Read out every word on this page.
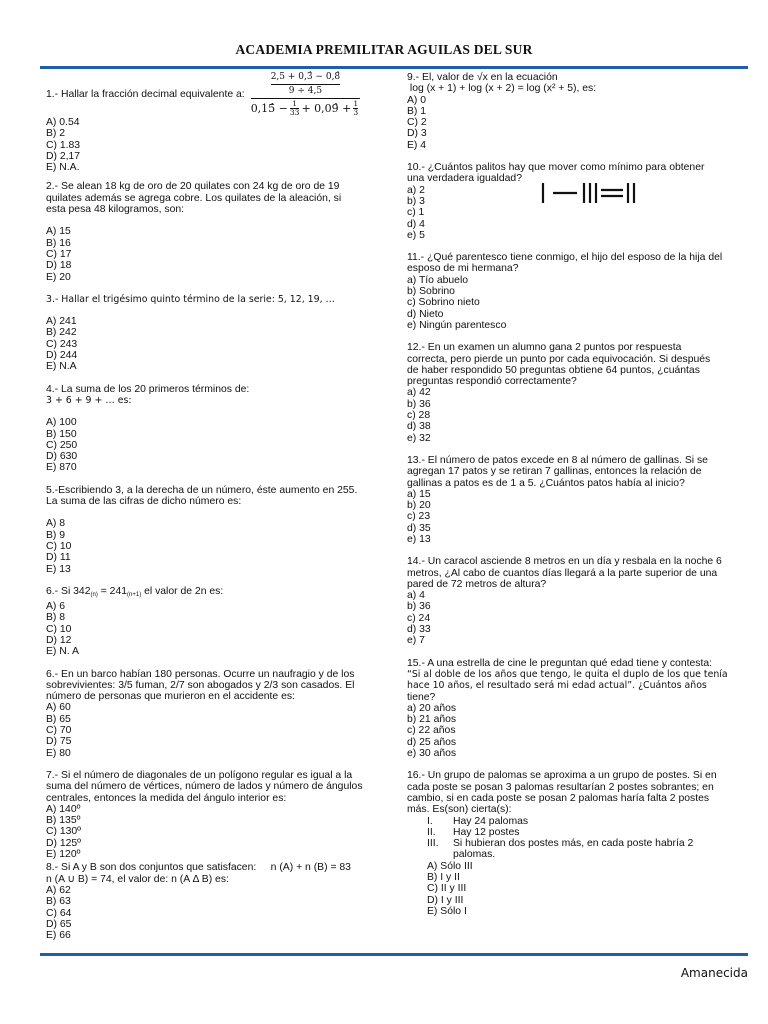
ACADEMIA PREMILITAR AGUILAS DEL SUR
1.- Hallar la fracción decimal equivalente a:
2,5 + 0,3̂ − 0,8̂
9 ÷ 4,5
0,15̂ − 1
33 + 0,09̂ + 1
3
A) 0.54
B) 2
C) 1.83
D) 2,17
E) N.A.
2.- Se alean 18 kg de oro de 20 quilates con 24 kg de oro de 19
quilates además se agrega cobre. Los quilates de la aleación, si
esta pesa 48 kilogramos, son:
A) 15
B) 16
C) 17
D) 18
E) 20
3.- Hallar el trigésimo quinto término de la serie: 5, 12, 19, …
A) 241
B) 242
C) 243
D) 244
E) N.A
4.- La suma de los 20 primeros términos de:
3 + 6 + 9 + … es:
A) 100
B) 150
C) 250
D) 630
E) 870
5.-Escribiendo 3, a la derecha de un número, éste aumento en 255.
La suma de las cifras de dicho número es:
A) 8
B) 9
C) 10
D) 11
E) 13
6.- Si $342_{(n)} = 241_{(n+1)}$ el valor de 2n es:
A) 6
B) 8
C) 10
D) 12
E) N. A
6.- En un barco habían 180 personas. Ocurre un naufragio y de los
sobrevivientes: 3/5 fuman, 2/7 son abogados y 2/3 son casados. El
número de personas que murieron en el accidente es:
A) 60
B) 65
C) 70
D) 75
E) 80
7.- Si el número de diagonales de un polígono regular es igual a la
suma del número de vértices, número de lados y número de ángulos
centrales, entonces la medida del ángulo interior es:
A) 140º
B) 135º
C) 130º
D) 125º
E) 120º
8.- Si A y B son dos conjuntos que satisfacen:     n (A) + n (B) = 83
n (A ∪ B) = 74, el valor de: n (A Δ B) es:
A) 62
B) 63
C) 64
D) 65
E) 66
9.- El, valor de √x en la ecuación
log (x + 1) + log (x + 2) = log (x² + 5), es:
A) 0
B) 1
C) 2
D) 3
E) 4
10.- ¿Cuántos palitos hay que mover como mínimo para obtener
una verdadera igualdad?
a) 2
b) 3
c) 1
d) 4
e) 5
11.- ¿Qué parentesco tiene conmigo, el hijo del esposo de la hija del
esposo de mi hermana?
a) Tío abuelo
b) Sobrino
c) Sobrino nieto
d) Nieto
e) Ningún parentesco
12.- En un examen un alumno gana 2 puntos por respuesta
correcta, pero pierde un punto por cada equivocación. Si después
de haber respondido 50 preguntas obtiene 64 puntos, ¿cuántas
preguntas respondió correctamente?
a) 42
b) 36
c) 28
d) 38
e) 32
13.- El número de patos excede en 8 al número de gallinas. Si se
agregan 17 patos y se retiran 7 gallinas, entonces la relación de
gallinas a patos es de 1 a 5. ¿Cuántos patos había al inicio?
a) 15
b) 20
c) 23
d) 35
e) 13
14.- Un caracol asciende 8 metros en un día y resbala en la noche 6
metros, ¿Al cabo de cuantos días llegará a la parte superior de una
pared de 72 metros de altura?
a) 4
b) 36
c) 24
d) 33
e) 7
15.- A una estrella de cine le preguntan qué edad tiene y contesta:
“Si al doble de los años que tengo, le quita el duplo de los que tenía
hace 10 años, el resultado será mi edad actual”. ¿Cuántos años
tiene?
a) 20 años
b) 21 años
c) 22 años
d) 25 años
e) 30 años
16.- Un grupo de palomas se aproxima a un grupo de postes. Si en
cada poste se posan 3 palomas resultarían 2 postes sobrantes; en
cambio, si en cada poste se posan 2 palomas haría falta 2 postes
más. Es(son) cierta(s):
I.	Hay 24 palomas
II.	Hay 12 postes
III.	Si hubieran dos postes más, en cada poste habría 2
palomas.
A) Sólo III
B) I y II
C) II y III
D) I y III
E) Sólo I
Amanecida
